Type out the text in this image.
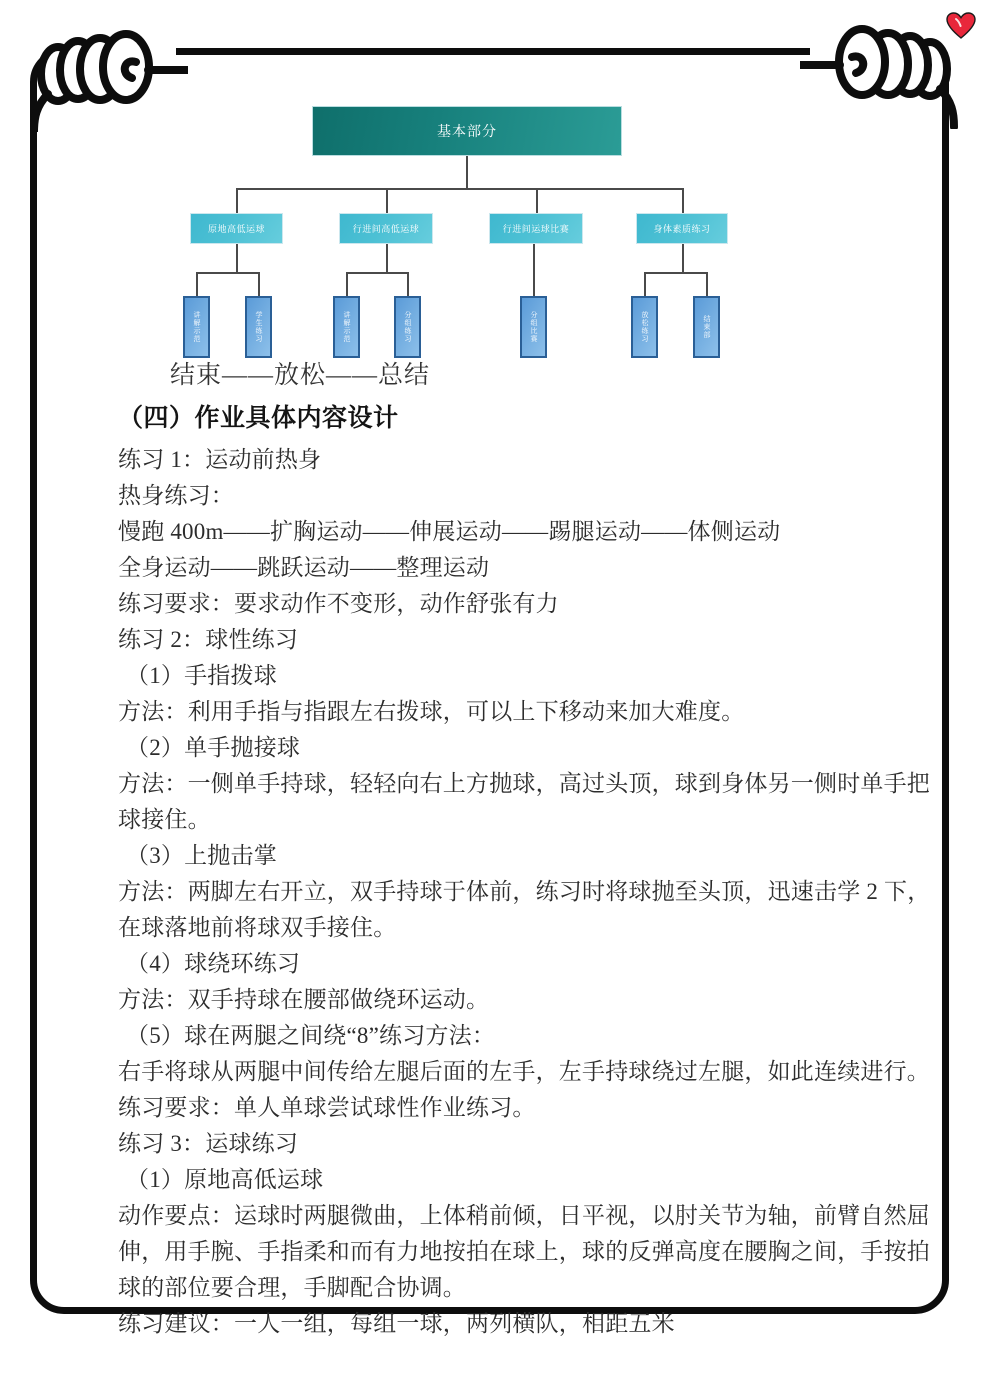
基本部分
原地高低运球	行进间高低运球	行进间运球比赛	身体素质练习
讲解示范	学生练习	讲解示范	分组练习	分组比赛	放松练习	结束部
结束——放松——总结
（四）作业具体内容设计
练习 1：运动前热身
热身练习：
慢跑 400m——扩胸运动——伸展运动——踢腿运动——体侧运动
全身运动——跳跃运动——整理运动
练习要求：要求动作不变形，动作舒张有力
练习 2：球性练习
（1）手指拨球
方法：利用手指与指跟左右拨球，可以上下移动来加大难度。
（2）单手抛接球
方法：一侧单手持球，轻轻向右上方抛球，高过头顶，球到身体另一侧时单手把球接住。
（3）上抛击掌
方法：两脚左右开立，双手持球于体前，练习时将球抛至头顶，迅速击学 2 下，在球落地前将球双手接住。
（4）球绕环练习
方法：双手持球在腰部做绕环运动。
（5）球在两腿之间绕“8”练习方法：
右手将球从两腿中间传给左腿后面的左手，左手持球绕过左腿，如此连续进行。
练习要求：单人单球尝试球性作业练习。
练习 3：运球练习
（1）原地高低运球
动作要点：运球时两腿微曲，上体稍前倾，日平视，以肘关节为轴，前臂自然屈伸，用手腕、手指柔和而有力地按拍在球上，球的反弹高度在腰胸之间，手按拍球的部位要合理，手脚配合协调。
练习建议：一人一组，每组一球，两列横队，相距五米
